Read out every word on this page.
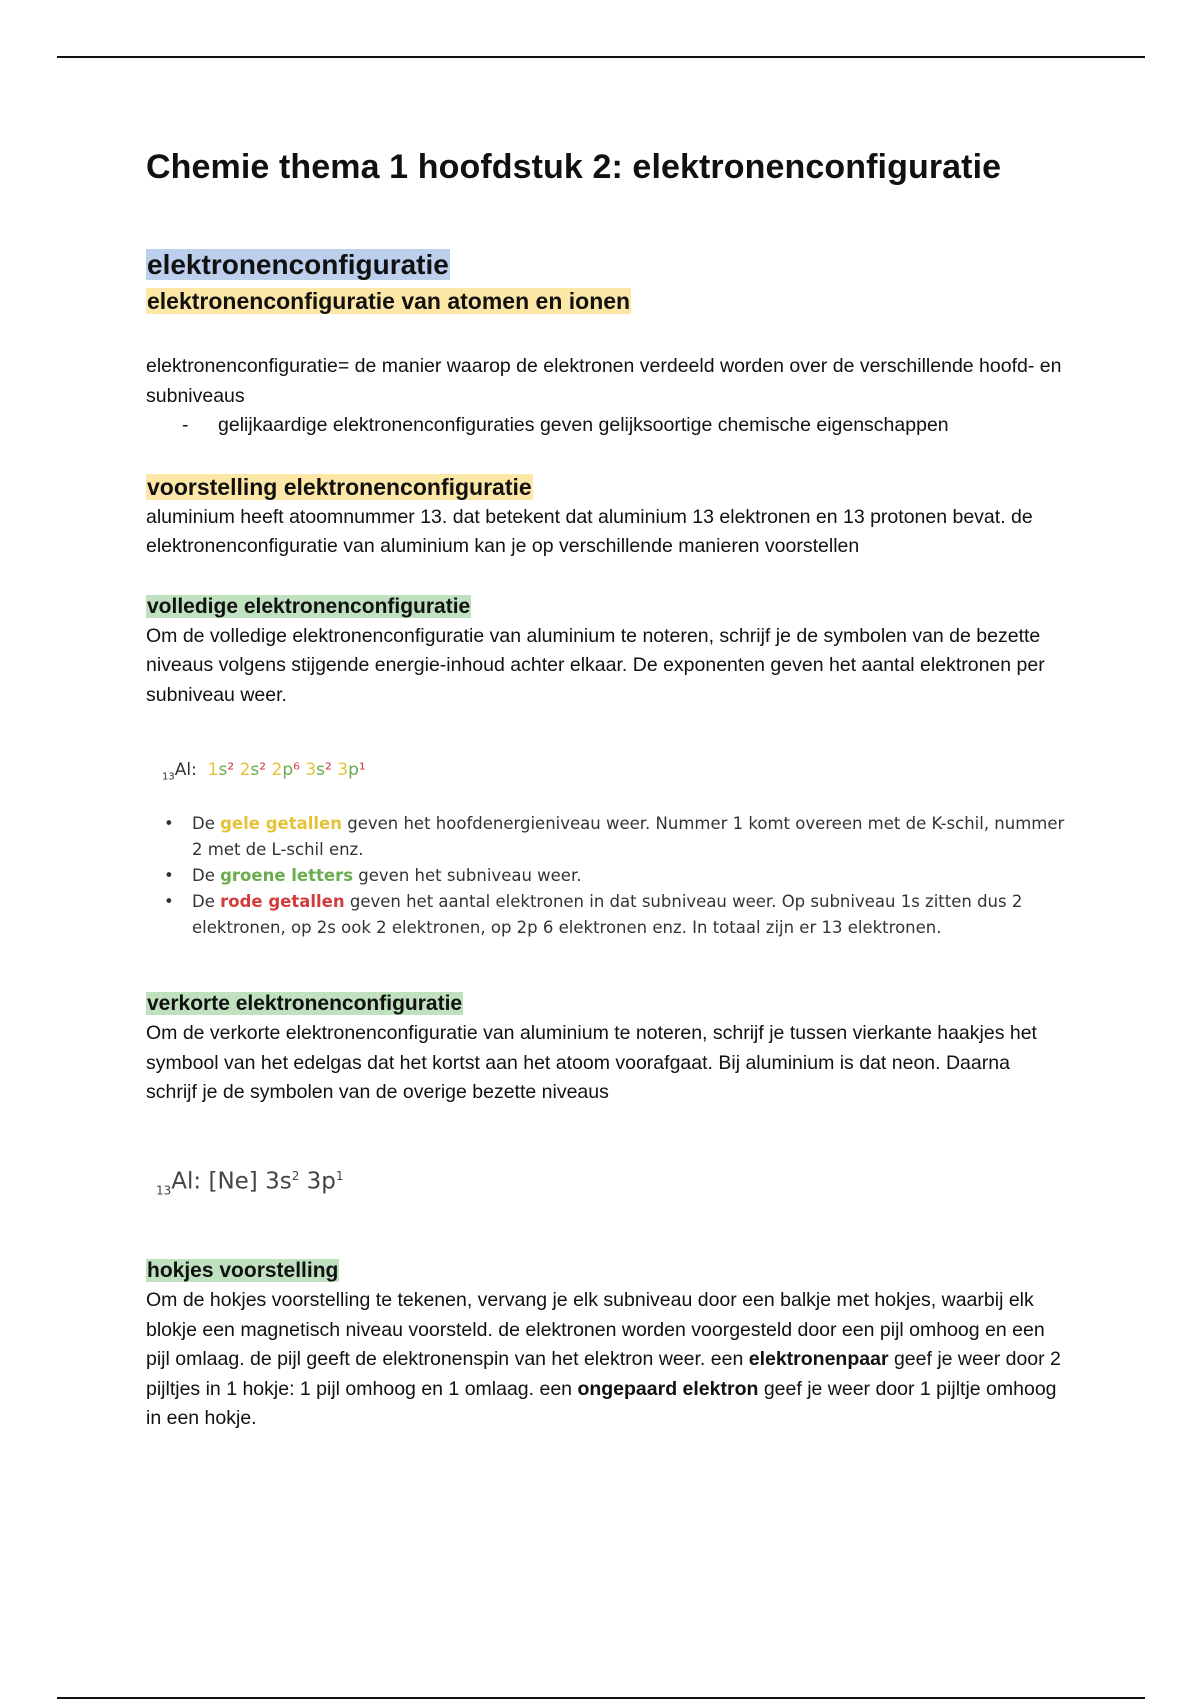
Chemie thema 1 hoofdstuk 2: elektronenconfiguratie
elektronenconfiguratie
elektronenconfiguratie van atomen en ionen

elektronenconfiguratie= de manier waarop de elektronen verdeeld worden over de verschillende hoofd- en subniveaus

- gelijkaardige elektronenconfiguraties geven gelijksoortige chemische eigenschappen
voorstelling elektronenconfiguratie

aluminium heeft atoomnummer 13. dat betekent dat aluminium 13 elektronen en 13 protonen bevat. de elektronenconfiguratie van aluminium kan je op verschillende manieren voorstellen

volledige elektronenconfiguratie

Om de volledige elektronenconfiguratie van aluminium te noteren, schrijf je de symbolen van de bezette niveaus volgens stijgende energie-inhoud achter elkaar. De exponenten geven het aantal elektronen per subniveau weer.

$_{13}$Al: 1s² 2s² 2p⁶ 3s² 3p¹
• De gele getallen geven het hoofdenergieniveau weer. Nummer 1 komt overeen met de K-schil, nummer 2 met de L-schil enz.
• De groene letters geven het subniveau weer.
• De rode getallen geven het aantal elektronen in dat subniveau weer. Op subniveau 1s zitten dus 2 elektronen, op 2s ook 2 elektronen, op 2p 6 elektronen enz. In totaal zijn er 13 elektronen.
verkorte elektronenconfiguratie

Om de verkorte elektronenconfiguratie van aluminium te noteren, schrijf je tussen vierkante haakjes het symbool van het edelgas dat het kortst aan het atoom voorafgaat. Bij aluminium is dat neon. Daarna schrijf je de symbolen van de overige bezette niveaus

$_{13}$Al: [Ne] $3s^2$ $3p^1$
hokjes voorstelling

Om de hokjes voorstelling te tekenen, vervang je elk subniveau door een balkje met hokjes, waarbij elk blokje een magnetisch niveau voorsteld. de elektronen worden voorgesteld door een pijl omhoog en een pijl omlaag. de pijl geeft de elektronenspin van het elektron weer. een elektronenpaar geef je weer door 2 pijltjes in 1 hokje: 1 pijl omhoog en 1 omlaag. een ongepaard elektron geef je weer door 1 pijltje omhoog in een hokje.
